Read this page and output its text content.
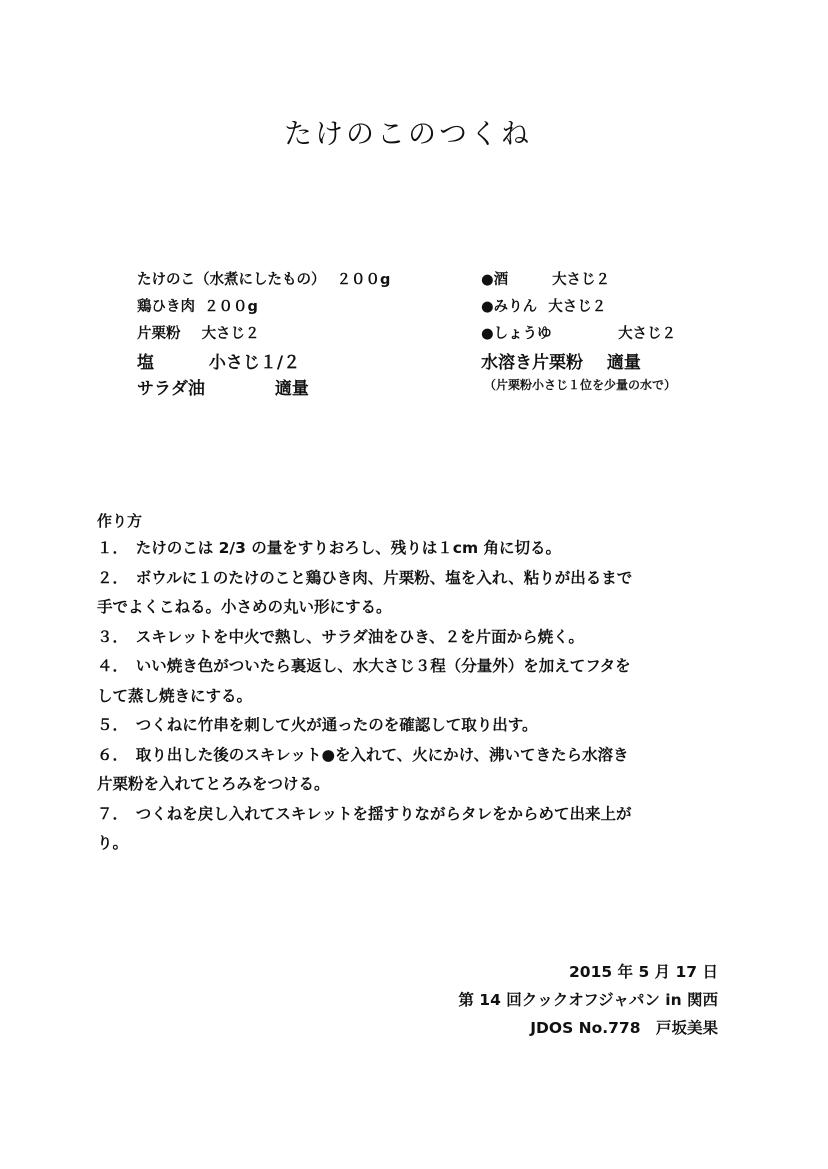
たけのこのつくね
たけのこ（水煮にしたもの） ２００g
鶏ひき肉 ２００g
片栗粉 大さじ２
塩	小さじ１/２
サラダ油	適量
●酒	大さじ２
●みりん 大さじ２
●しょうゆ	大さじ２
水溶き片栗粉 適量
（片栗粉小さじ１位を少量の水で）
作り方
１．　たけのこは 2/3 の量をすりおろし、残りは１cm 角に切る。
２．　ボウルに１のたけのこと鶏ひき肉、片栗粉、塩を入れ、粘りが出るまで
手でよくこねる。小さめの丸い形にする。
３．　スキレットを中火で熱し、サラダ油をひき、２を片面から焼く。
４．　いい焼き色がついたら裏返し、水大さじ３程（分量外）を加えてフタを
して蒸し焼きにする。
５．　つくねに竹串を刺して火が通ったのを確認して取り出す。
６．　取り出した後のスキレット●を入れて、火にかけ、沸いてきたら水溶き
片栗粉を入れてとろみをつける。
７．　つくねを戻し入れてスキレットを揺すりながらタレをからめて出来上が
り。
2015 年 5 月 17 日
第 14 回クックオフジャパン in 関西
JDOS No.778　戸坂美果
